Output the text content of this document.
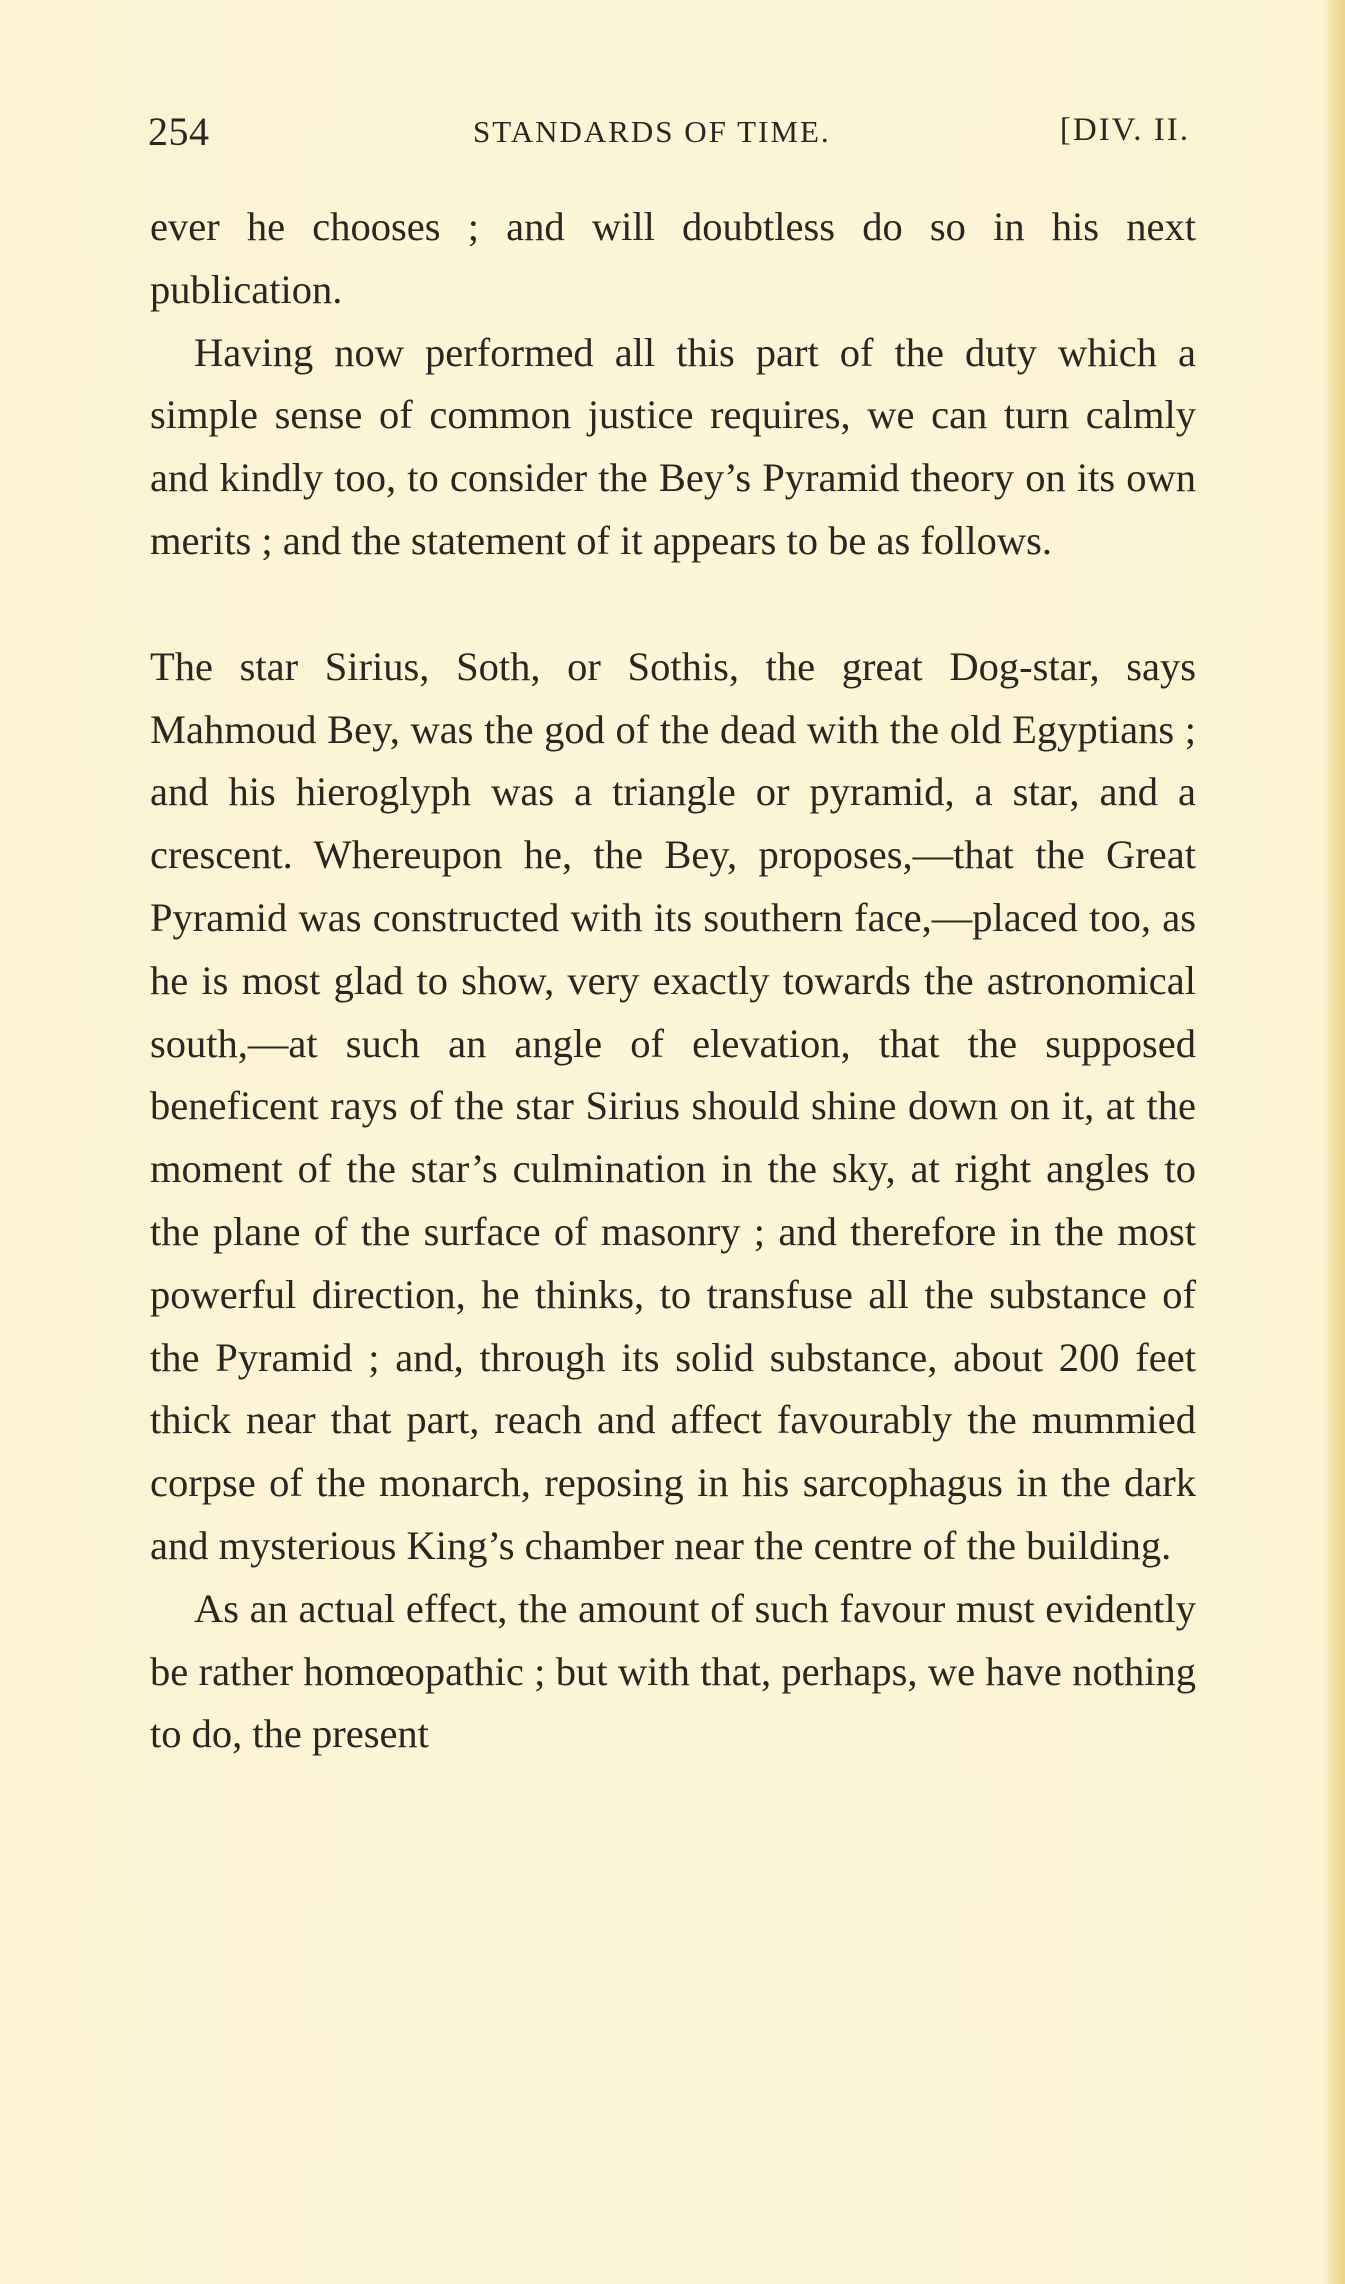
254	STANDARDS OF TIME.	[DIV. II.

ever he chooses ; and will doubtless do so in his next publication.

Having now performed all this part of the duty which a simple sense of common justice requires, we can turn calmly and kindly too, to consider the Bey’s Pyramid theory on its own merits ; and the statement of it appears to be as follows.

The star Sirius, Soth, or Sothis, the great Dog-star, says Mahmoud Bey, was the god of the dead with the old Egyptians ; and his hieroglyph was a triangle or pyramid, a star, and a crescent. Whereupon he, the Bey, proposes,—that the Great Pyramid was constructed with its southern face,—placed too, as he is most glad to show, very exactly towards the astronomical south,—at such an angle of elevation, that the supposed beneficent rays of the star Sirius should shine down on it, at the moment of the star’s culmination in the sky, at right angles to the plane of the surface of masonry ; and therefore in the most powerful direction, he thinks, to transfuse all the substance of the Pyramid ; and, through its solid substance, about 200 feet thick near that part, reach and affect favourably the mummied corpse of the monarch, reposing in his sarcophagus in the dark and mysterious King’s chamber near the centre of the building.

As an actual effect, the amount of such favour must evidently be rather homœopathic ; but with that, perhaps, we have nothing to do, the present
